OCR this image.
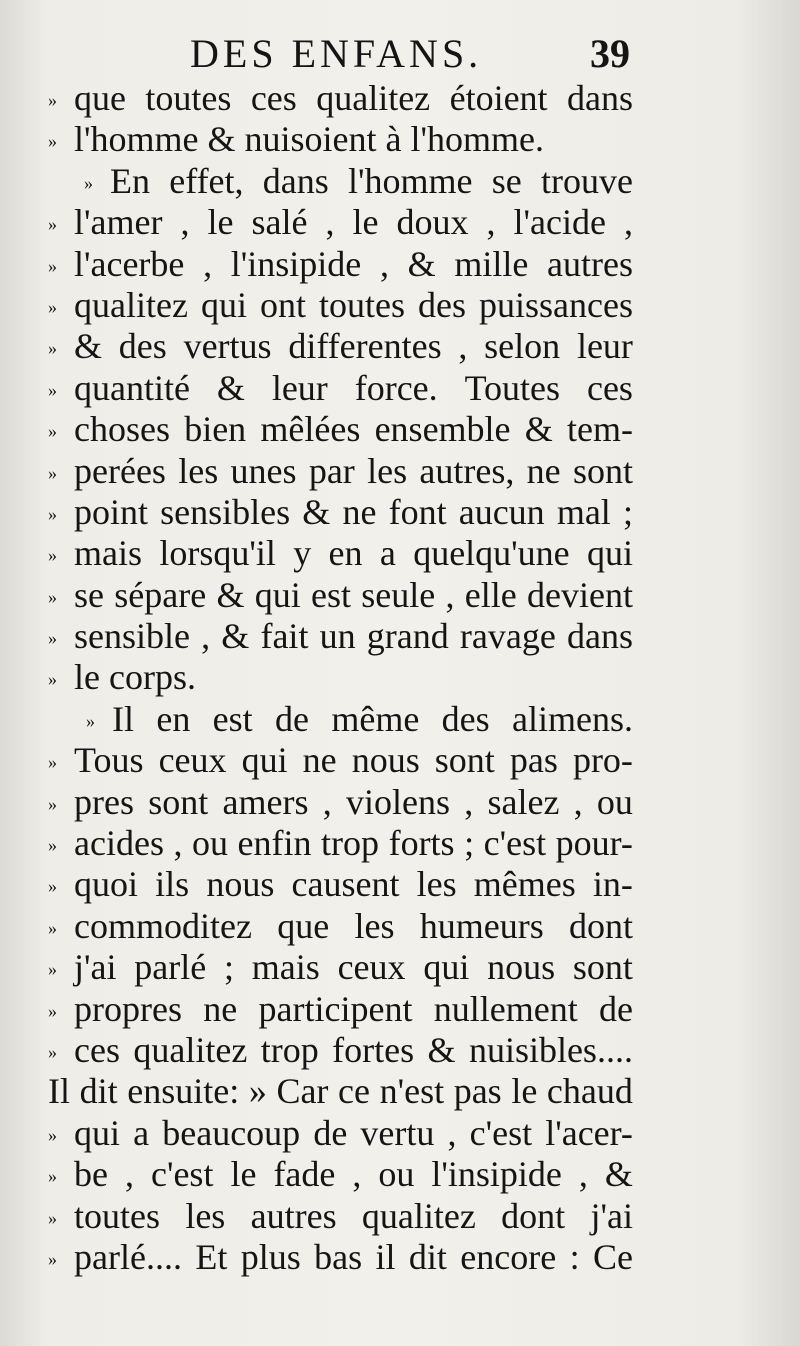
DES ENFANS.	39
» que toutes ces qualitez étoient dans
» l'homme
&
nuisoient
à
l'homme.
» En effet, dans l'homme se trouve
» l'amer , le salé , le doux , l'acide ,
» l'acerbe , l'insipide , & mille autres
» qualitez qui ont toutes des puissances
» & des vertus differentes , selon leur
» quantité & leur force. Toutes ces
» choses bien mêlées ensemble & tem-
» perées les unes par les autres, ne sont
» point sensibles & ne font aucun mal ;
» mais lorsqu'il y en a quelqu'une qui
» se sépare & qui est seule , elle devient
» sensible , & fait un grand ravage dans
» le
corps.
» Il en est de même des alimens.
» Tous ceux qui ne nous sont pas pro-
» pres sont amers , violens , salez , ou
» acides , ou enfin trop forts ; c'est pour-
» quoi ils nous causent les mêmes in-
» commoditez que les humeurs dont
» j'ai parlé ; mais ceux qui nous sont
» propres ne participent nullement de
» ces qualitez trop fortes & nuisibles....
Il dit ensuite: » Car ce n'est pas le chaud
» qui a beaucoup de vertu , c'est l'acer-
» be , c'est le fade , ou l'insipide , &
» toutes les autres qualitez dont j'ai
» parlé.... Et plus bas il dit encore : Ce
